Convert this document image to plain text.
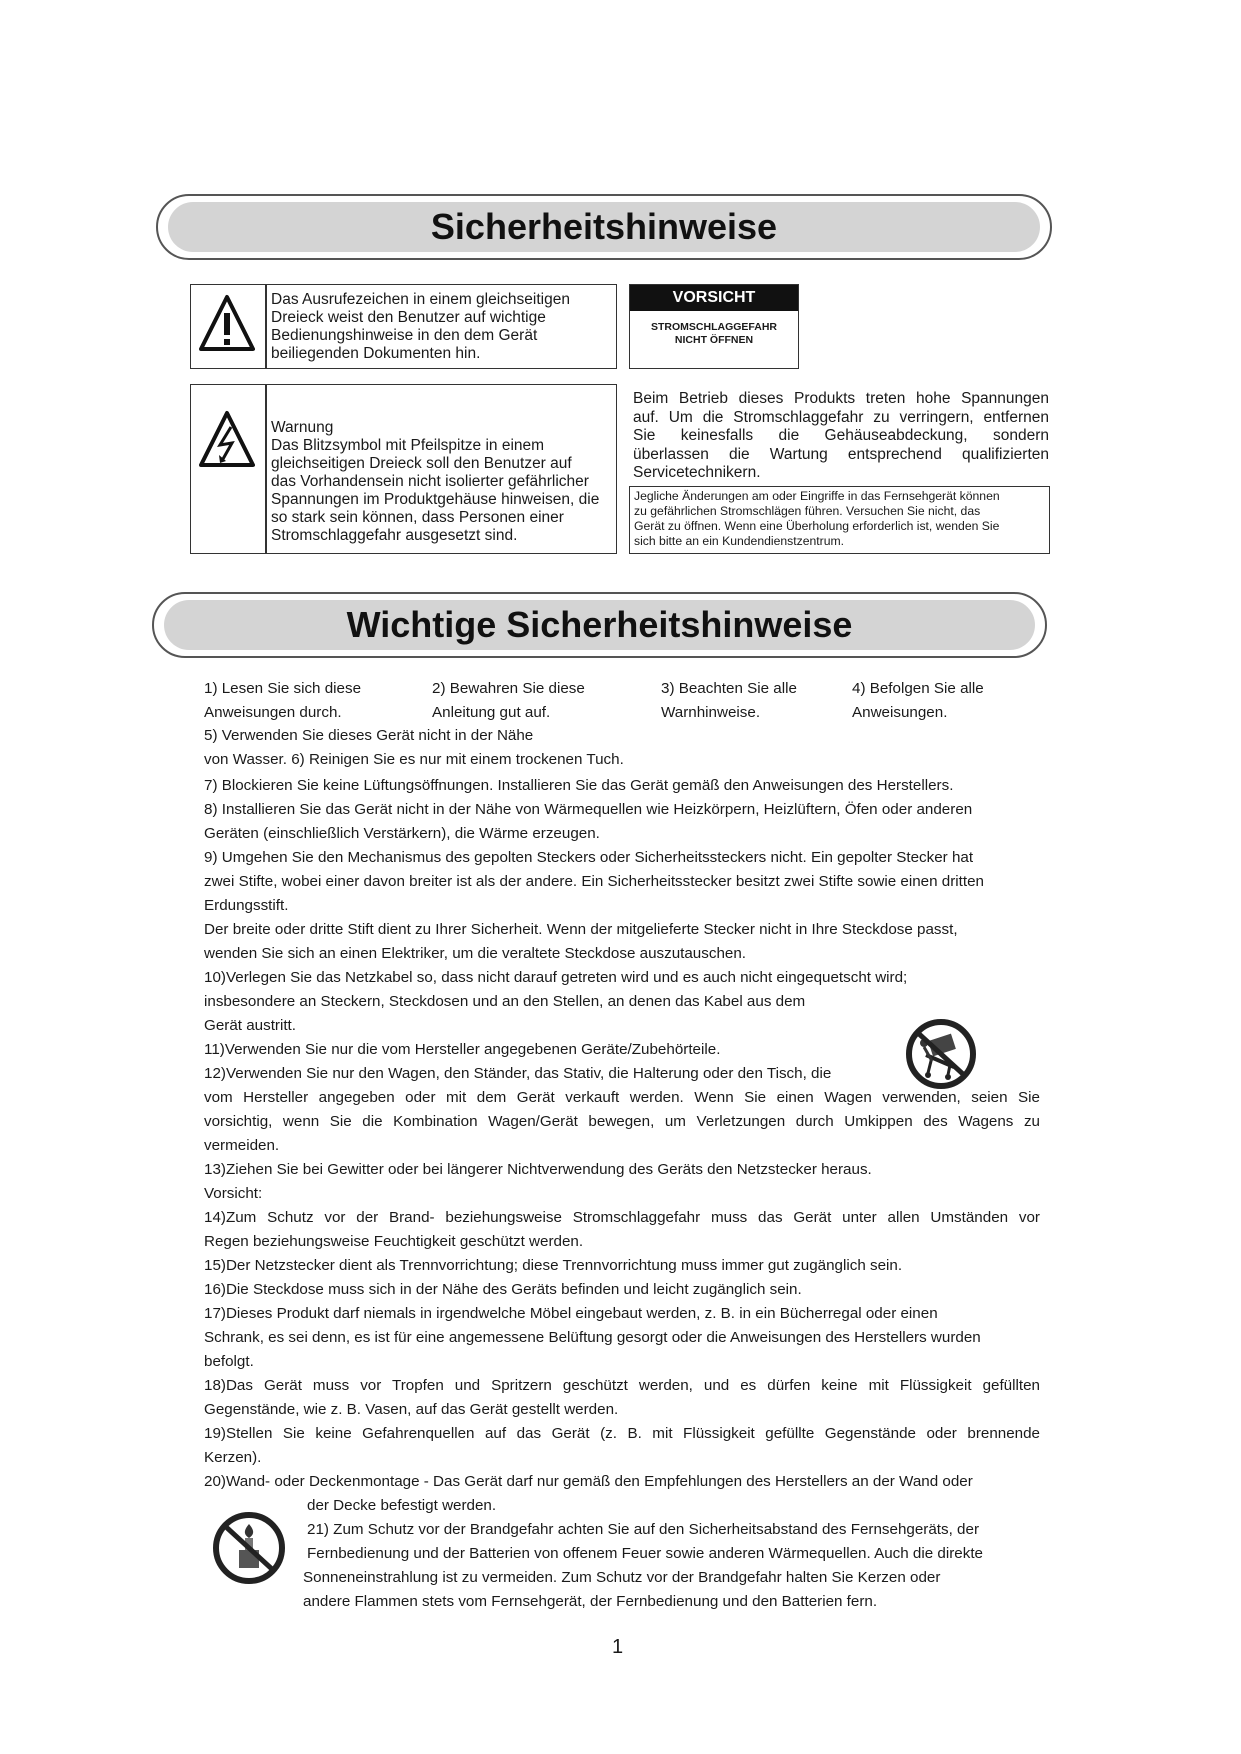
Sicherheitshinweise
Das Ausrufezeichen in einem gleichseitigen
Dreieck weist den Benutzer auf wichtige
Bedienungshinweise in den dem Gerät
beiliegenden Dokumenten hin.
VORSICHT
STROMSCHLAGGEFAHR
NICHT ÖFFNEN
Warnung
Das Blitzsymbol mit Pfeilspitze in einem
gleichseitigen Dreieck soll den Benutzer auf
das Vorhandensein nicht isolierter gefährlicher
Spannungen im Produktgehäuse hinweisen, die
so stark sein können, dass Personen einer
Stromschlaggefahr ausgesetzt sind.
Beim Betrieb dieses Produkts treten hohe Spannungen
auf. Um die Stromschlaggefahr zu verringern, entfernen
Sie keinesfalls die Gehäuseabdeckung, sondern
überlassen die Wartung entsprechend qualifizierten
Servicetechnikern.
Jegliche Änderungen am oder Eingriffe in das Fernsehgerät können
zu gefährlichen Stromschlägen führen. Versuchen Sie nicht, das
Gerät zu öffnen. Wenn eine Überholung erforderlich ist, wenden Sie
sich bitte an ein Kundendienstzentrum.
Wichtige Sicherheitshinweise
1) Lesen Sie sich diese
Anweisungen durch.
2) Bewahren Sie diese
Anleitung gut auf.
3) Beachten Sie alle
Warnhinweise.
4) Befolgen Sie alle
Anweisungen.
5) Verwenden Sie dieses Gerät nicht in der Nähe
von Wasser. 6) Reinigen Sie es nur mit einem trockenen Tuch.
7) Blockieren Sie keine Lüftungsöffnungen. Installieren Sie das Gerät gemäß den Anweisungen des Herstellers.
8) Installieren Sie das Gerät nicht in der Nähe von Wärmequellen wie Heizkörpern, Heizlüftern, Öfen oder anderen
Geräten (einschließlich Verstärkern), die Wärme erzeugen.
9) Umgehen Sie den Mechanismus des gepolten Steckers oder Sicherheitssteckers nicht. Ein gepolter Stecker hat
zwei Stifte, wobei einer davon breiter ist als der andere. Ein Sicherheitsstecker besitzt zwei Stifte sowie einen dritten
Erdungsstift.
Der breite oder dritte Stift dient zu Ihrer Sicherheit. Wenn der mitgelieferte Stecker nicht in Ihre Steckdose passt,
wenden Sie sich an einen Elektriker, um die veraltete Steckdose auszutauschen.
10)Verlegen Sie das Netzkabel so, dass nicht darauf getreten wird und es auch nicht eingequetscht wird;
insbesondere an Steckern, Steckdosen und an den Stellen, an denen das Kabel aus dem
Gerät austritt.
11)Verwenden Sie nur die vom Hersteller angegebenen Geräte/Zubehörteile.
12)Verwenden Sie nur den Wagen, den Ständer, das Stativ, die Halterung oder den Tisch, die
vom Hersteller angegeben oder mit dem Gerät verkauft werden. Wenn Sie einen Wagen verwenden, seien Sie
vorsichtig, wenn Sie die Kombination Wagen/Gerät bewegen, um Verletzungen durch Umkippen des Wagens zu
vermeiden.
13)Ziehen Sie bei Gewitter oder bei längerer Nichtverwendung des Geräts den Netzstecker heraus.
Vorsicht:
14)Zum Schutz vor der Brand- beziehungsweise Stromschlaggefahr muss das Gerät unter allen Umständen vor
Regen beziehungsweise Feuchtigkeit geschützt werden.
15)Der Netzstecker dient als Trennvorrichtung; diese Trennvorrichtung muss immer gut zugänglich sein.
16)Die Steckdose muss sich in der Nähe des Geräts befinden und leicht zugänglich sein.
17)Dieses Produkt darf niemals in irgendwelche Möbel eingebaut werden, z. B. in ein Bücherregal oder einen
Schrank, es sei denn, es ist für eine angemessene Belüftung gesorgt oder die Anweisungen des Herstellers wurden
befolgt.
18)Das Gerät muss vor Tropfen und Spritzern geschützt werden, und es dürfen keine mit Flüssigkeit gefüllten
Gegenstände, wie z. B. Vasen, auf das Gerät gestellt werden.
19)Stellen Sie keine Gefahrenquellen auf das Gerät (z. B. mit Flüssigkeit gefüllte Gegenstände oder brennende
Kerzen).
20)Wand- oder Deckenmontage - Das Gerät darf nur gemäß den Empfehlungen des Herstellers an der Wand oder
der Decke befestigt werden.
21) Zum Schutz vor der Brandgefahr achten Sie auf den Sicherheitsabstand des Fernsehgeräts, der
Fernbedienung und der Batterien von offenem Feuer sowie anderen Wärmequellen. Auch die direkte
Sonneneinstrahlung ist zu vermeiden. Zum Schutz vor der Brandgefahr halten Sie Kerzen oder
andere Flammen stets vom Fernsehgerät, der Fernbedienung und den Batterien fern.
1
